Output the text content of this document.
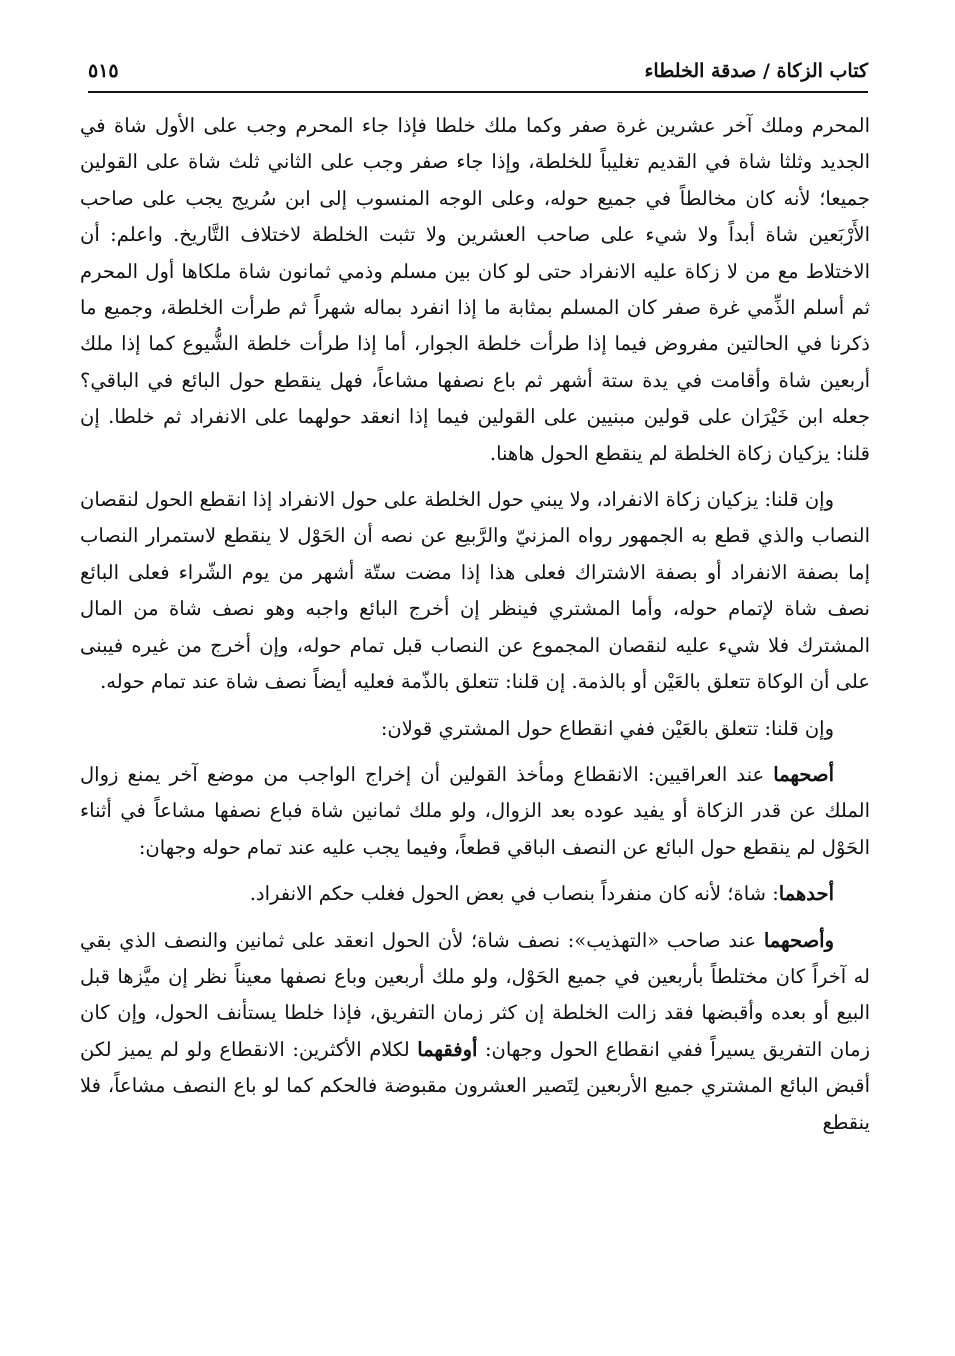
كتاب الزكاة / صدقة الخلطاء
٥١٥

المحرم وملك آخر عشرين غرة صفر وكما ملك خلطا فإذا جاء المحرم وجب على الأول شاة في الجديد وثلثا شاة في القديم تغليباً للخلطة، وإذا جاء صفر وجب على الثاني ثلث شاة على القولين جميعا؛ لأنه كان مخالطاً في جميع حوله، وعلى الوجه المنسوب إلى ابن سُريج يجب على صاحب الأَرْبَعين شاة أبداً ولا شيء على صاحب العشرين ولا تثبت الخلطة لاختلاف التَّاريخ. واعلم: أن الاختلاط مع من لا زكاة عليه الانفراد حتى لو كان بين مسلم وذمي ثمانون شاة ملكاها أول المحرم ثم أسلم الذِّمي غرة صفر كان المسلم بمثابة ما إذا انفرد بماله شهراً ثم طرأت الخلطة، وجميع ما ذكرنا في الحالتين مفروض فيما إذا طرأت خلطة الجوار، أما إذا طرأت خلطة الشُّيوع كما إذا ملك أربعين شاة وأقامت في يدة ستة أشهر ثم باع نصفها مشاعاً، فهل ينقطع حول البائع في الباقي؟ جعله ابن خَيْرَان على قولين مبنيين على القولين فيما إذا انعقد حولهما على الانفراد ثم خلطا. إن قلنا: يزكيان زكاة الخلطة لم ينقطع الحول هاهنا.

وإن قلنا: يزكيان زكاة الانفراد، ولا يبني حول الخلطة على حول الانفراد إذا انقطع الحول لنقصان النصاب والذي قطع به الجمهور رواه المزنيّ والرَّبيع عن نصه أن الحَوْل لا ينقطع لاستمرار النصاب إما بصفة الانفراد أو بصفة الاشتراك فعلى هذا إذا مضت ستّة أشهر من يوم الشّراء فعلى البائع نصف شاة لإتمام حوله، وأما المشتري فينظر إن أخرج البائع واجبه وهو نصف شاة من المال المشترك فلا شيء عليه لنقصان المجموع عن النصاب قبل تمام حوله، وإن أخرج من غيره فيبنى على أن الوكاة تتعلق بالعَيْن أو بالذمة. إن قلنا: تتعلق بالذّمة فعليه أيضاً نصف شاة عند تمام حوله.

وإن قلنا: تتعلق بالعَيْن ففي انقطاع حول المشتري قولان:

أصحهما عند العراقيين: الانقطاع ومأخذ القولين أن إخراج الواجب من موضع آخر يمنع زوال الملك عن قدر الزكاة أو يفيد عوده بعد الزوال، ولو ملك ثمانين شاة فباع نصفها مشاعاً في أثناء الحَوْل لم ينقطع حول البائع عن النصف الباقي قطعاً، وفيما يجب عليه عند تمام حوله وجهان:

أحدهما: شاة؛ لأنه كان منفرداً بنصاب في بعض الحول فغلب حكم الانفراد.

وأصحهما عند صاحب «التهذيب»: نصف شاة؛ لأن الحول انعقد على ثمانين والنصف الذي بقي له آخراً كان مختلطاً بأربعين في جميع الحَوْل، ولو ملك أربعين وباع نصفها معيناً نظر إن ميَّزها قبل البيع أو بعده وأقبضها فقد زالت الخلطة إن كثر زمان التفريق، فإذا خلطا يستأنف الحول، وإن كان زمان التفريق يسيراً ففي انقطاع الحول وجهان: أوفقهما لكلام الأكثرين: الانقطاع ولو لم يميز لكن أقبض البائع المشتري جميع الأربعين لِتَصير العشرون مقبوضة فالحكم كما لو باع النصف مشاعاً، فلا ينقطع
